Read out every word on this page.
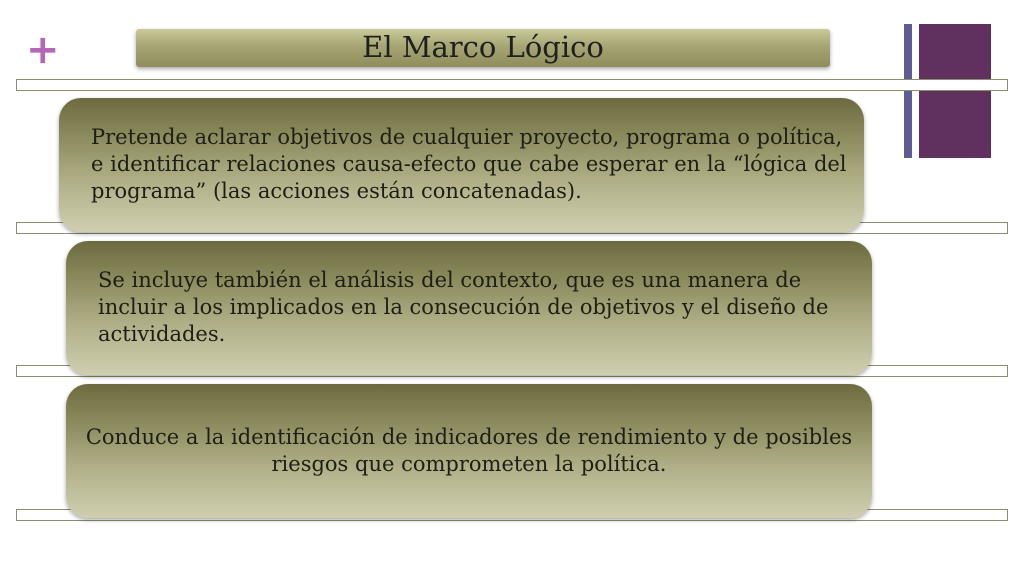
+	El Marco Lógico
Pretende aclarar objetivos de cualquier proyecto, programa o política, e identificar relaciones causa-efecto que cabe esperar en la “lógica del programa” (las acciones están concatenadas).
Se incluye también el análisis del contexto, que es una manera de incluir a los implicados en la consecución de objetivos y el diseño de actividades.
Conduce a la identificación de indicadores de rendimiento y de posibles riesgos que comprometen la política.
